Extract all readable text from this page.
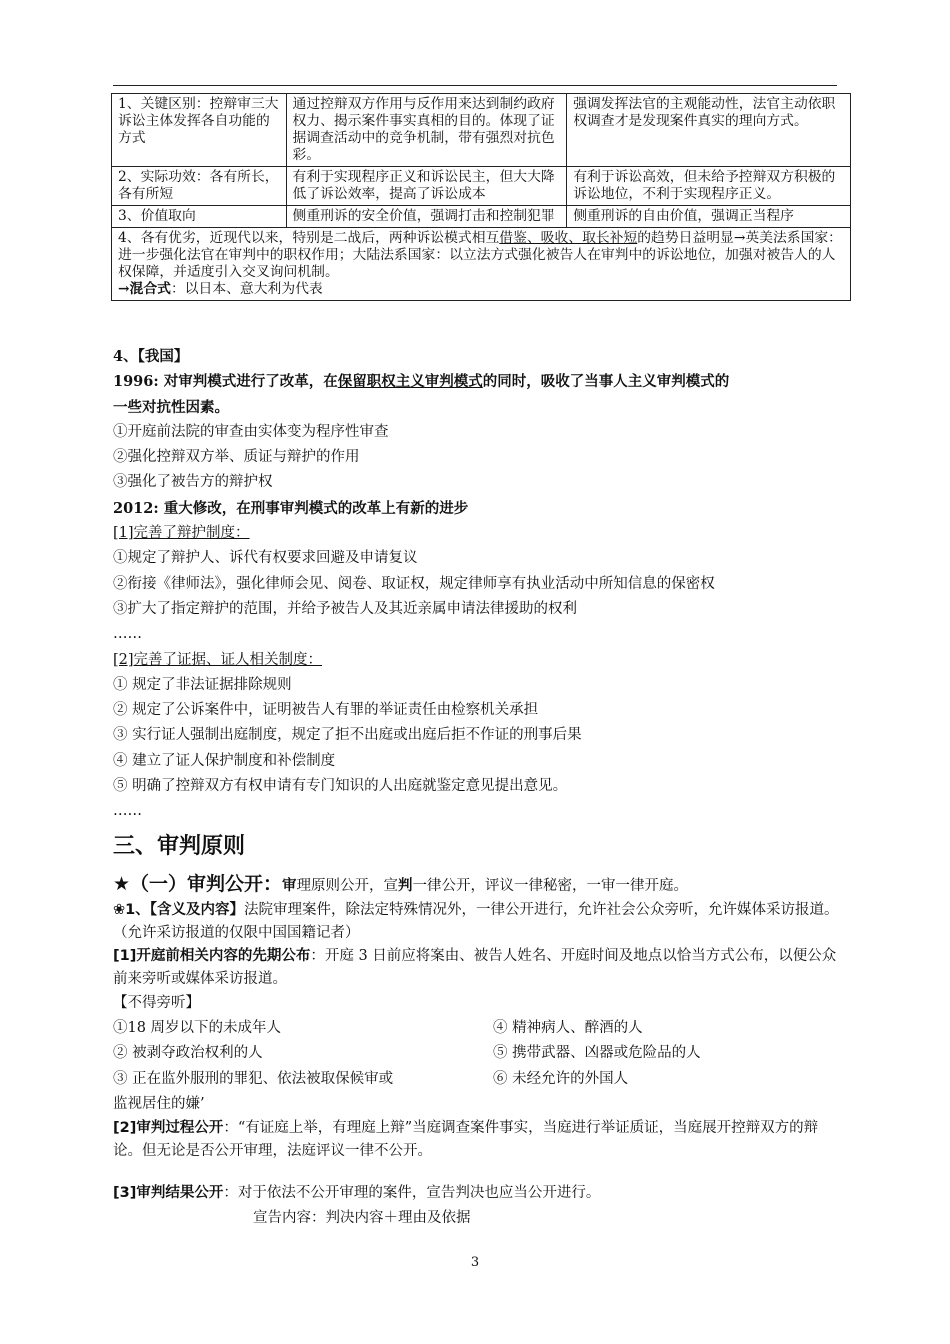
1、关键区别：控辩审三大诉讼主体发挥各自功能的方式	通过控辩双方作用与反作用来达到制约政府权力、揭示案件事实真相的目的。体现了证据调查活动中的竞争机制，带有强烈对抗色彩。	强调发挥法官的主观能动性，法官主动依职权调查才是发现案件真实的理向方式。
2、实际功效：各有所长，各有所短	有利于实现程序正义和诉讼民主，但大大降低了诉讼效率，提高了诉讼成本	有利于诉讼高效，但未给予控辩双方积极的诉讼地位，不利于实现程序正义。
3、价值取向	侧重刑诉的安全价值，强调打击和控制犯罪	侧重刑诉的自由价值，强调正当程序
4、各有优劣，近现代以来，特别是二战后，两种诉讼模式相互借鉴、吸收、取长补短的趋势日益明显→英美法系国家：进一步强化法官在审判中的职权作用；大陆法系国家：以立法方式强化被告人在审判中的诉讼地位，加强对被告人的人权保障，并适度引入交叉询问机制。
→混合式：以日本、意大利为代表		
4、【我国】
1996: 对审判模式进行了改革，在保留职权主义审判模式的同时，吸收了当事人主义审判模式的
一些对抗性因素。
①开庭前法院的审查由实体变为程序性审查
②强化控辩双方举、质证与辩护的作用
③强化了被告方的辩护权
2012: 重大修改，在刑事审判模式的改革上有新的进步
[1]完善了辩护制度：
①规定了辩护人、诉代有权要求回避及申请复议
②衔接《律师法》，强化律师会见、阅卷、取证权，规定律师享有执业活动中所知信息的保密权
③扩大了指定辩护的范围，并给予被告人及其近亲属申请法律援助的权利
……
[2]完善了证据、证人相关制度：
① 规定了非法证据排除规则
② 规定了公诉案件中，证明被告人有罪的举证责任由检察机关承担
③ 实行证人强制出庭制度，规定了拒不出庭或出庭后拒不作证的刑事后果
④ 建立了证人保护制度和补偿制度
⑤ 明确了控辩双方有权申请有专门知识的人出庭就鉴定意见提出意见。
……
三、审判原则
★（一）审判公开：审理原则公开，宣判一律公开，评议一律秘密，一审一律开庭。
❀1、【含义及内容】法院审理案件，除法定特殊情况外，一律公开进行，允许社会公众旁听，允许媒体采访报道。（允许采访报道的仅限中国国籍记者）
[1]开庭前相关内容的先期公布：开庭 3 日前应将案由、被告人姓名、开庭时间及地点以恰当方式公布，以便公众前来旁听或媒体采访报道。
【不得旁听】
①18 周岁以下的未成年人
② 被剥夺政治权利的人
③ 正在监外服刑的罪犯、依法被取保候审或
监视居住的嫌’
④ 精神病人、醉酒的人
⑤ 携带武器、凶器或危险品的人
⑥ 未经允许的外国人
[2]审判过程公开：“有证庭上举，有理庭上辩”当庭调查案件事实，当庭进行举证质证，当庭展开控辩双方的辩论。但无论是否公开审理，法庭评议一律不公开。
[3]审判结果公开：对于依法不公开审理的案件，宣告判决也应当公开进行。
宣告内容：判决内容＋理由及依据
3
